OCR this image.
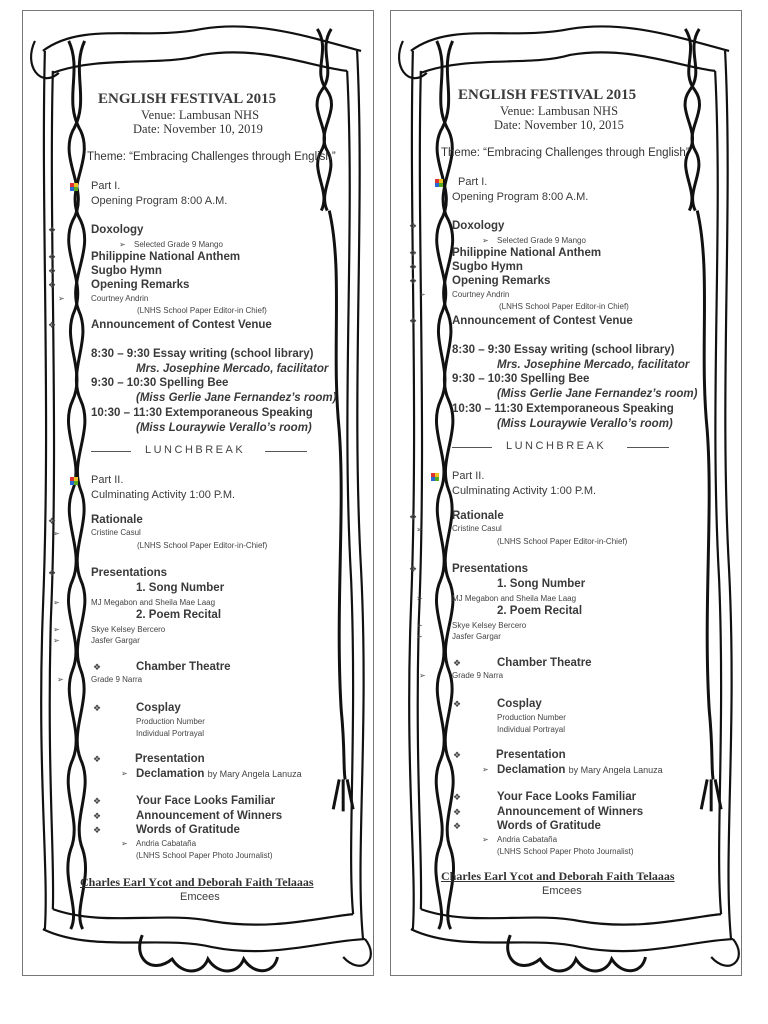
ENGLISH FESTIVAL 2015
Venue: Lambusan NHS
Date: November 10, 2019
Theme: “Embracing Challenges through English”
Part I.
Opening Program 8:00 A.M.
❖	Doxology
➢ Selected Grade 9 Mango
❖	Philippine National Anthem
❖	Sugbo Hymn
❖	Opening Remarks
➢	Courtney Andrin
(LNHS School Paper Editor-in Chief)
❖	Announcement of Contest Venue
8:30 – 9:30 Essay writing (school library)
Mrs. Josephine Mercado, facilitator
9:30 – 10:30 Spelling Bee
(Miss Gerlie Jane Fernandez’s room)
10:30 – 11:30 Extemporaneous Speaking
(Miss Louraywie Verallo’s room)
LUNCHBREAK
Part II.
Culminating Activity 1:00 P.M.
❖	Rationale
➢	Cristine Casul
(LNHS School Paper Editor-in-Chief)
❖	Presentations
1. Song Number
➢	MJ Megabon and Sheila Mae Laag
2. Poem Recital
➢	Skye Kelsey Bercero
➢	Jasfer Gargar
❖	Chamber Theatre
➢	Grade 9 Narra
❖	Cosplay
Production Number
Individual Portrayal
❖	Presentation
➢ Declamation by Mary Angela Lanuza
❖	Your Face Looks Familiar
❖	Announcement of Winners
❖	Words of Gratitude
➢ Andria Cabataña
(LNHS School Paper Photo Journalist)
Charles Earl Ycot and Deborah Faith Telaaas
Emcees
ENGLISH FESTIVAL 2015
Venue: Lambusan NHS
Date: November 10, 2015
Theme: “Embracing Challenges through English”
Part I.
Opening Program 8:00 A.M.
❖	Doxology
➢ Selected Grade 9 Mango
❖	Philippine National Anthem
❖	Sugbo Hymn
❖	Opening Remarks
➢	Courtney Andrin
(LNHS School Paper Editor-in Chief)
❖	Announcement of Contest Venue
8:30 – 9:30 Essay writing (school library)
Mrs. Josephine Mercado, facilitator
9:30 – 10:30 Spelling Bee
(Miss Gerlie Jane Fernandez’s room)
10:30 – 11:30 Extemporaneous Speaking
(Miss Louraywie Verallo’s room)
LUNCHBREAK
Part II.
Culminating Activity 1:00 P.M.
❖	Rationale
➢	Cristine Casul
(LNHS School Paper Editor-in-Chief)
❖	Presentations
1. Song Number
➢	MJ Megabon and Sheila Mae Laag
2. Poem Recital
➢	Skye Kelsey Bercero
➢	Jasfer Gargar
❖	Chamber Theatre
➢	Grade 9 Narra
❖	Cosplay
Production Number
Individual Portrayal
❖	Presentation
➢ Declamation by Mary Angela Lanuza
❖	Your Face Looks Familiar
❖	Announcement of Winners
❖	Words of Gratitude
➢ Andria Cabataña
(LNHS School Paper Photo Journalist)
Charles Earl Ycot and Deborah Faith Telaaas
Emcees
